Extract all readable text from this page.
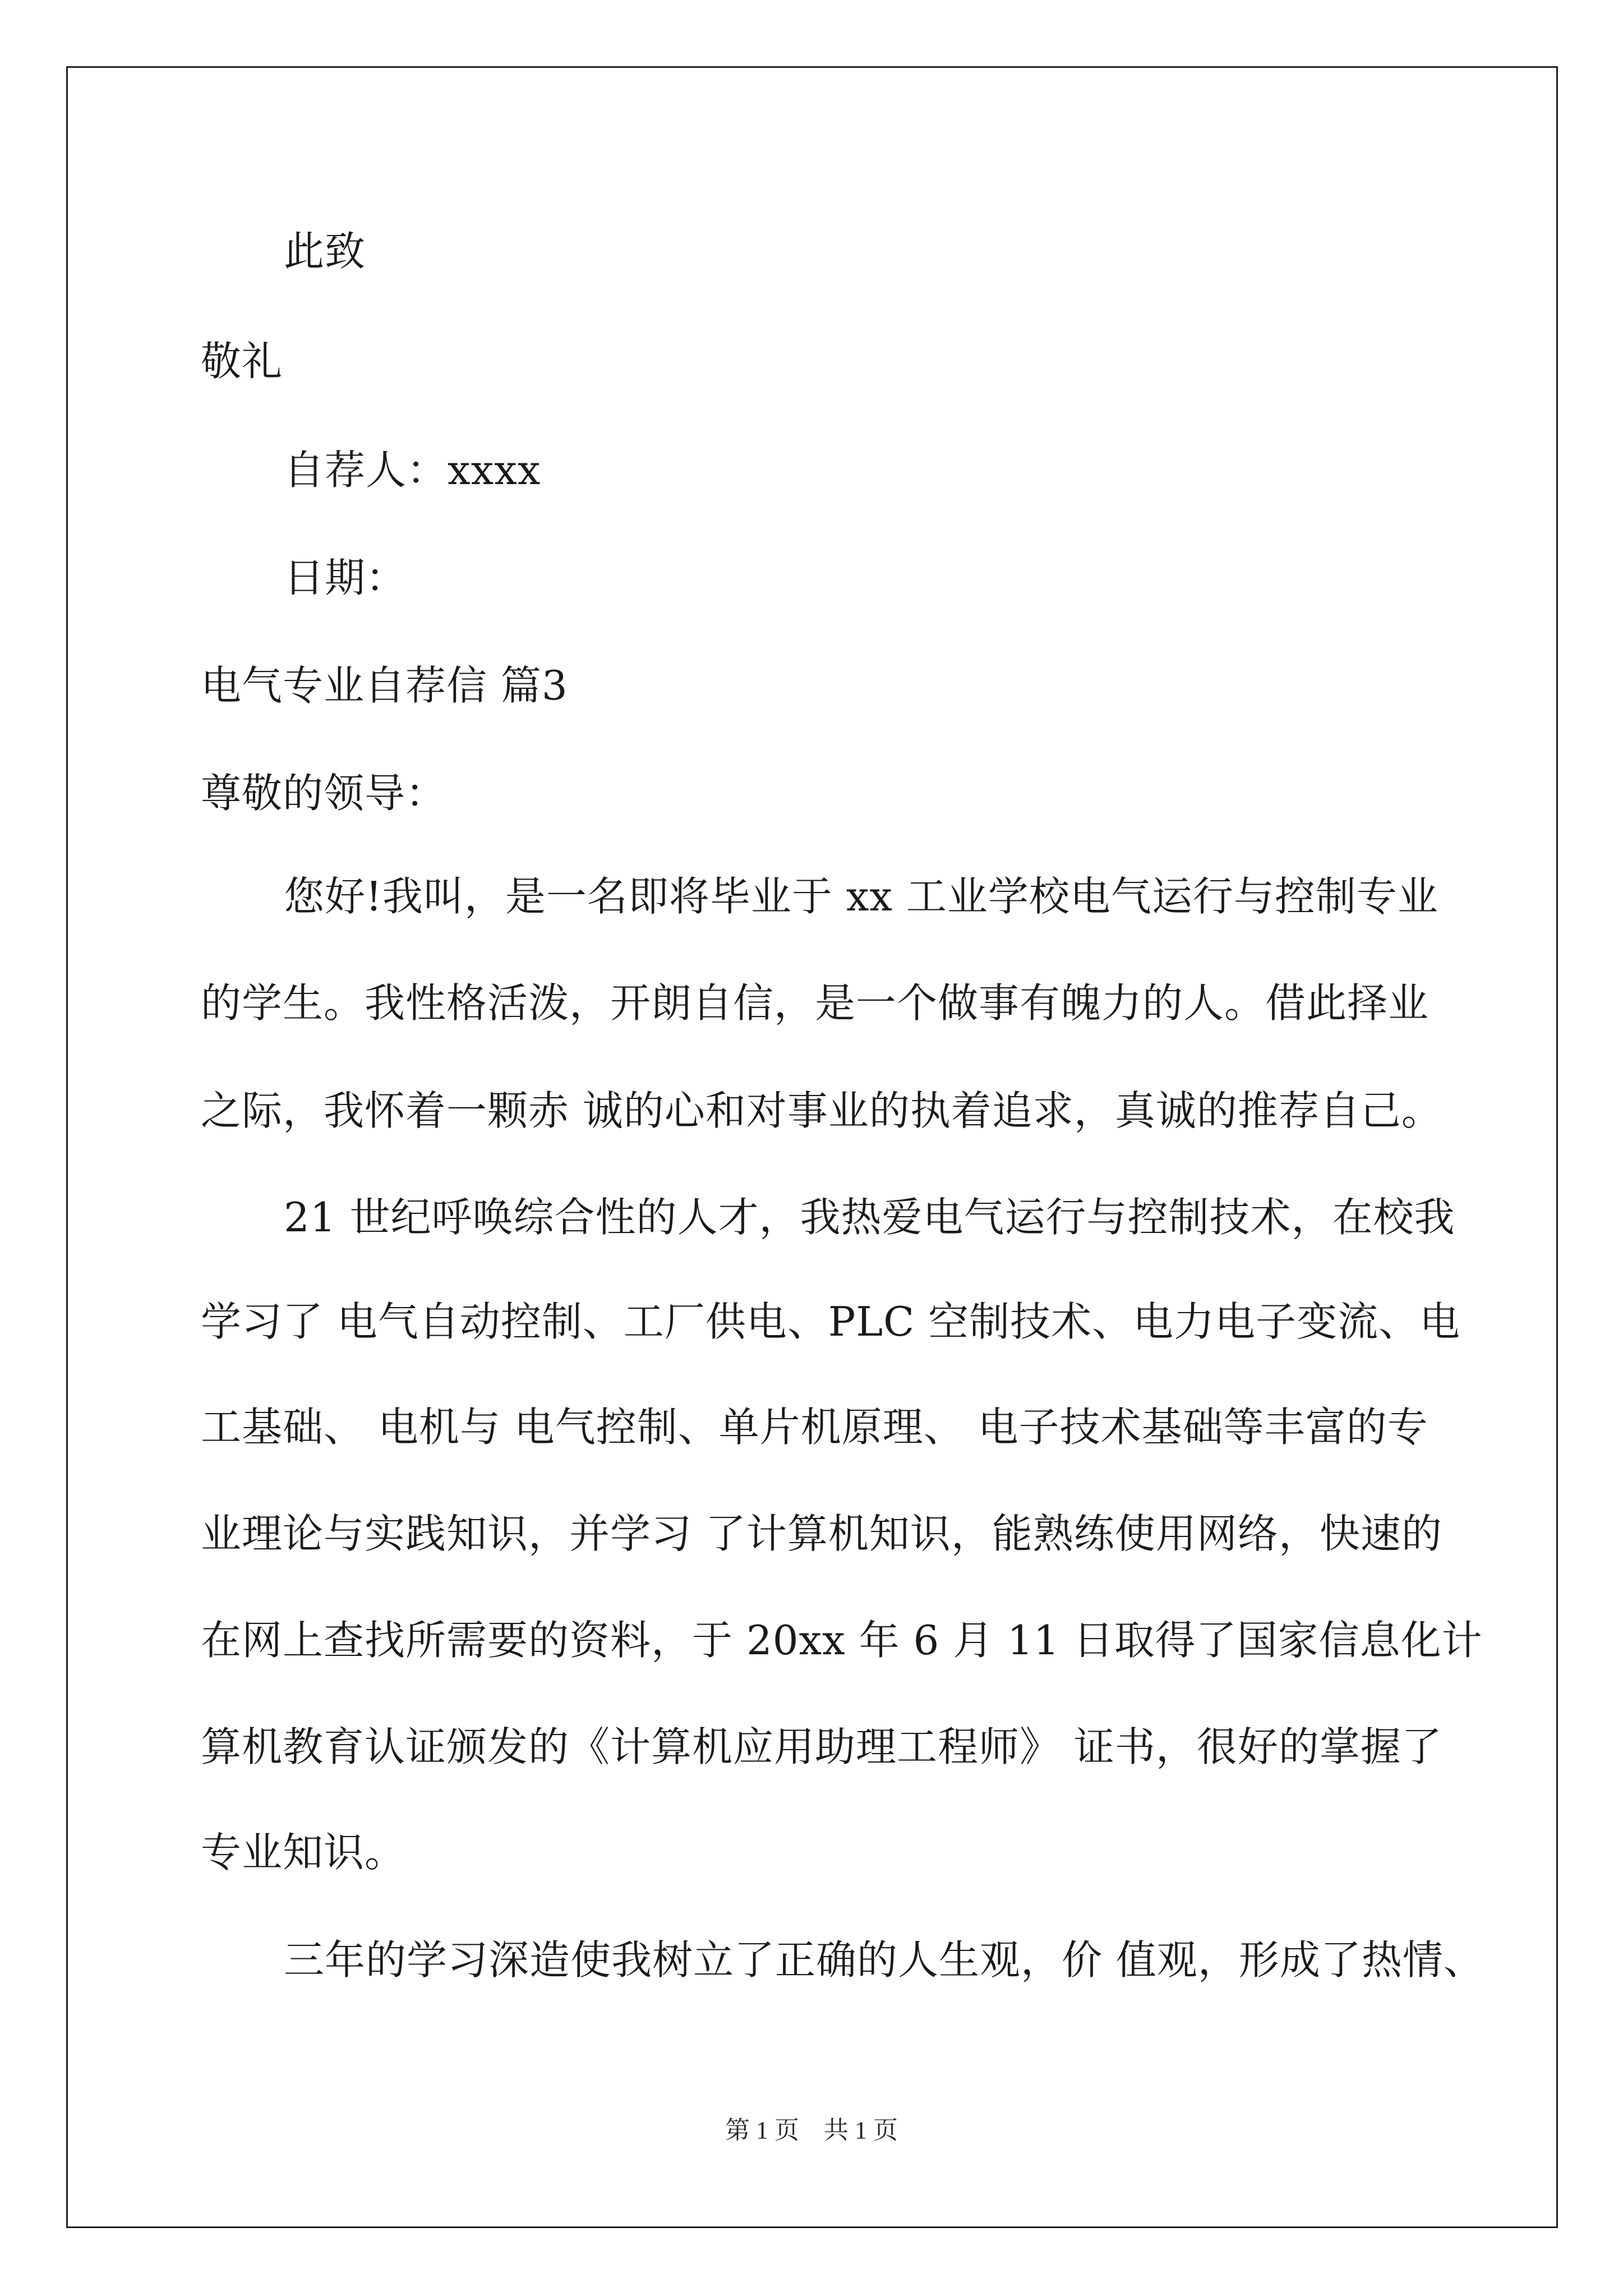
此致
敬礼
自荐人：xxxx
日期：
电气专业自荐信 篇3
尊敬的领导：
您好!我叫，是一名即将毕业于 xx 工业学校电气运行与控制专业
的学生。我性格活泼，开朗自信，是一个做事有魄力的人。借此择业
之际，我怀着一颗赤 诚的心和对事业的执着追求，真诚的推荐自己。
21 世纪呼唤综合性的人才，我热爱电气运行与控制技术，在校我
学习了 电气自动控制、工厂供电、PLC 空制技术、电力电子变流、电
工基础、 电机与 电气控制、单片机原理、 电子技术基础等丰富的专
业理论与实践知识，并学习 了计算机知识，能熟练使用网络，快速的
在网上查找所需要的资料，于 20xx 年 6 月 11 日取得了国家信息化计
算机教育认证颁发的《计算机应用助理工程师》 证书，很好的掌握了
专业知识。
三年的学习深造使我树立了正确的人生观，价 值观，形成了热情、
第 1 页　共 1 页
